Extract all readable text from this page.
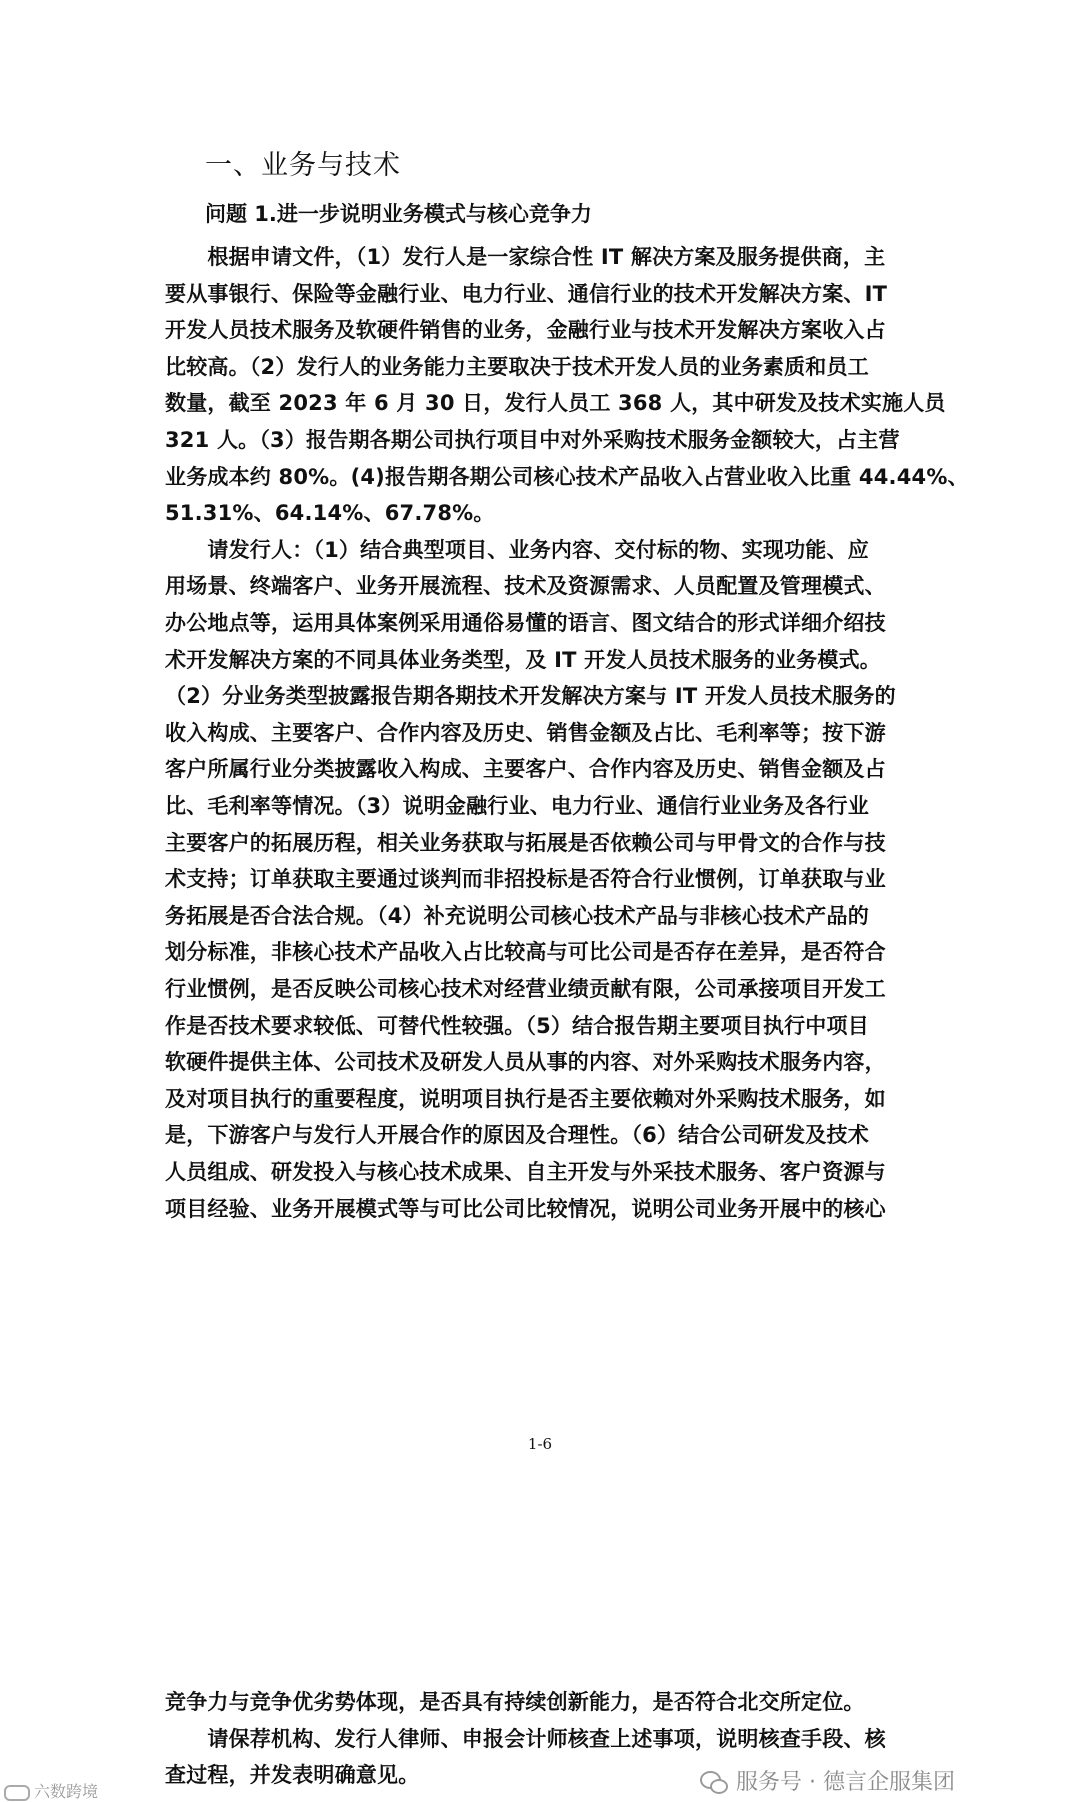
一、业务与技术
问题 1.进一步说明业务模式与核心竞争力
　　根据申请文件，（1）发行人是一家综合性 IT 解决方案及服务提供商，主
要从事银行、保险等金融行业、电力行业、通信行业的技术开发解决方案、IT
开发人员技术服务及软硬件销售的业务，金融行业与技术开发解决方案收入占
比较高。（2）发行人的业务能力主要取决于技术开发人员的业务素质和员工
数量，截至 2023 年 6 月 30 日，发行人员工 368 人，其中研发及技术实施人员
321 人。（3）报告期各期公司执行项目中对外采购技术服务金额较大，占主营
业务成本约 80%。(4)报告期各期公司核心技术产品收入占营业收入比重 44.44%、
51.31%、64.14%、67.78%。
　　请发行人：（1）结合典型项目、业务内容、交付标的物、实现功能、应
用场景、终端客户、业务开展流程、技术及资源需求、人员配置及管理模式、
办公地点等，运用具体案例采用通俗易懂的语言、图文结合的形式详细介绍技
术开发解决方案的不同具体业务类型，及 IT 开发人员技术服务的业务模式。
（2）分业务类型披露报告期各期技术开发解决方案与 IT 开发人员技术服务的
收入构成、主要客户、合作内容及历史、销售金额及占比、毛利率等；按下游
客户所属行业分类披露收入构成、主要客户、合作内容及历史、销售金额及占
比、毛利率等情况。（3）说明金融行业、电力行业、通信行业业务及各行业
主要客户的拓展历程，相关业务获取与拓展是否依赖公司与甲骨文的合作与技
术支持；订单获取主要通过谈判而非招投标是否符合行业惯例，订单获取与业
务拓展是否合法合规。（4）补充说明公司核心技术产品与非核心技术产品的
划分标准，非核心技术产品收入占比较高与可比公司是否存在差异，是否符合
行业惯例，是否反映公司核心技术对经营业绩贡献有限，公司承接项目开发工
作是否技术要求较低、可替代性较强。（5）结合报告期主要项目执行中项目
软硬件提供主体、公司技术及研发人员从事的内容、对外采购技术服务内容，
及对项目执行的重要程度，说明项目执行是否主要依赖对外采购技术服务，如
是，下游客户与发行人开展合作的原因及合理性。（6）结合公司研发及技术
人员组成、研发投入与核心技术成果、自主开发与外采技术服务、客户资源与
项目经验、业务开展模式等与可比公司比较情况，说明公司业务开展中的核心
1-6
竞争力与竞争优劣势体现，是否具有持续创新能力，是否符合北交所定位。
　　请保荐机构、发行人律师、申报会计师核查上述事项，说明核查手段、核
查过程，并发表明确意见。
六数跨境	服务号 · 德言企服集团
